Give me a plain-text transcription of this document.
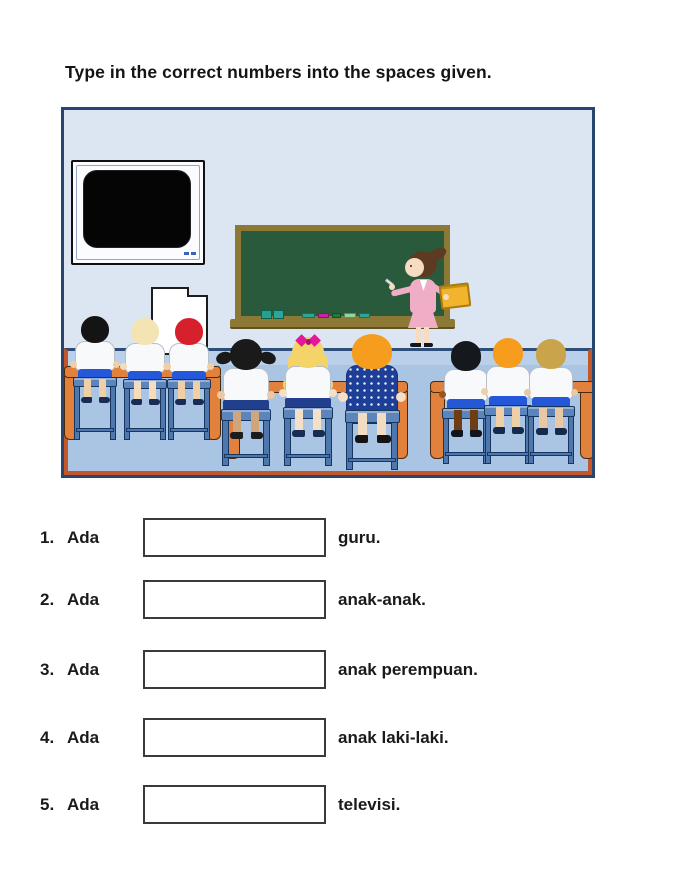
Type in the correct numbers into the spaces given.
1. Ada	guru.
2. Ada	anak-anak.
3. Ada	anak perempuan.
4. Ada	anak laki-laki.
5. Ada	televisi.
